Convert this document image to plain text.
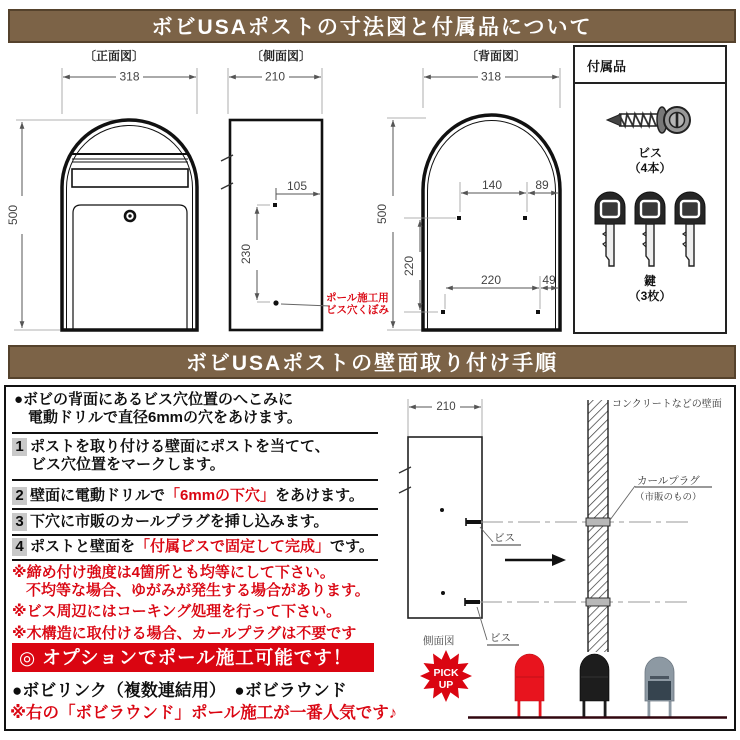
ボビUSAポストの寸法図と付属品について
〔正面図〕	〔側面図〕	〔背面図〕
318
500
210
105
230
ポール施工用
ビス穴くぼみ
318
500
140	89
220
220	49
付属品
ビス
（4本）
鍵
（3枚）
ボビUSAポストの壁面取り付け手順
●ボビの背面にあるビス穴位置のへこみに
電動ドリルで直径6mmの穴をあけます。
1 ポストを取り付ける壁面にポストを当てて、
ビス穴位置をマークします。
2 壁面に電動ドリルで「6mmの下穴」をあけます。
3 下穴に市販のカールプラグを挿し込みます。
4 ポストと壁面を「付属ビスで固定して完成」です。
※締め付け強度は4箇所とも均等にして下さい。
不均等な場合、ゆがみが発生する場合があります。
※ビス周辺にはコーキング処理を行って下さい。
※木構造に取付ける場合、カールプラグは不要です
◎ オプションでポール施工可能です！
●ボビリンク（複数連結用）　●ボビラウンド
※右の「ボビラウンド」ポール施工が一番人気です♪
210
ビス
ビス
コンクリートなどの壁面
カールプラグ
（市販のもの）
側面図
PICK
UP
